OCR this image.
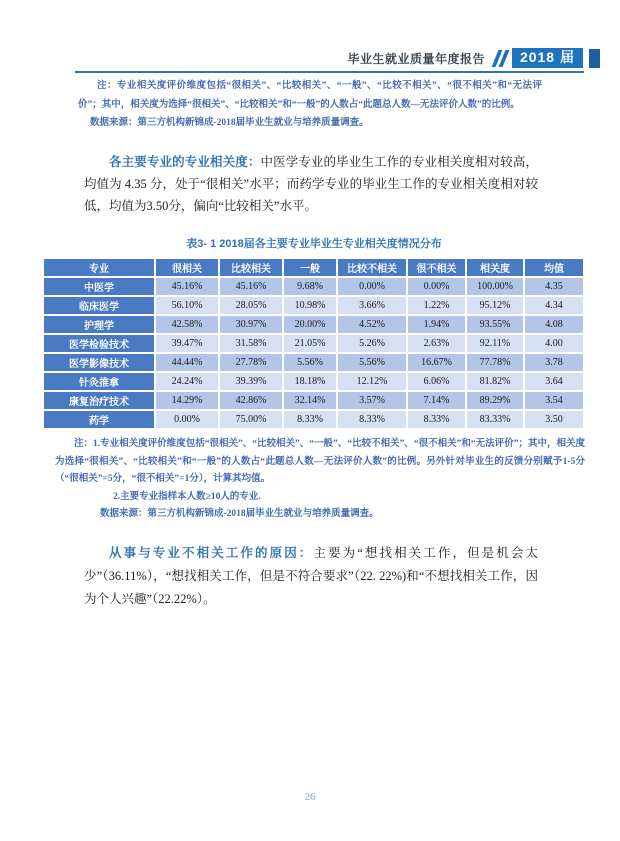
毕业生就业质量年度报告	2018 届

注：专业相关度评价维度包括“很相关”、“比较相关”、“一般”、“比较不相关”、“很不相关”和“无法评价”；其中，相关度为选择“很相关”、“比较相关”和“一般”的人数占“此题总人数—无法评价人数”的比例。

数据来源：第三方机构新锦成-2018届毕业生就业与培养质量调查。

各主要专业的专业相关度：中医学专业的毕业生工作的专业相关度相对较高，均值为 4.35 分，处于“很相关”水平；而药学专业的毕业生工作的专业相关度相对较低，均值为3.50分，偏向“比较相关”水平。

表3- 1 2018届各主要专业毕业生专业相关度情况分布
专业	很相关	比较相关	一般	比较不相关	很不相关	相关度	均值
中医学	45.16%	45.16%	9.68%	0.00%	0.00%	100.00%	4.35
临床医学	56.10%	28.05%	10.98%	3.66%	1.22%	95.12%	4.34
护理学	42.58%	30.97%	20.00%	4.52%	1.94%	93.55%	4.08
医学检验技术	39.47%	31.58%	21.05%	5.26%	2.63%	92.11%	4.00
医学影像技术	44.44%	27.78%	5.56%	5.56%	16.67%	77.78%	3.78
针灸推拿	24.24%	39.39%	18.18%	12.12%	6.06%	81.82%	3.64
康复治疗技术	14.29%	42.86%	32.14%	3.57%	7.14%	89.29%	3.54
药学	0.00%	75.00%	8.33%	8.33%	8.33%	83.33%	3.50

注：1.专业相关度评价维度包括“很相关”、“比较相关”、“一般”、“比较不相关”、“很不相关”和“无法评价”；其中，相关度为选择“很相关”、“比较相关”和“一般”的人数占“此题总人数—无法评价人数”的比例。另外针对毕业生的反馈分别赋予1-5分（“很相关”=5分，“很不相关”=1分），计算其均值。

2.主要专业指样本人数≥10人的专业.

数据来源：第三方机构新锦成-2018届毕业生就业与培养质量调查。

从事与专业不相关工作的原因：主要为“想找相关工作，但是机会太少”（36.11%），“想找相关工作，但是不符合要求”（22. 22%)和“不想找相关工作，因为个人兴趣”（22.22%）。

26
